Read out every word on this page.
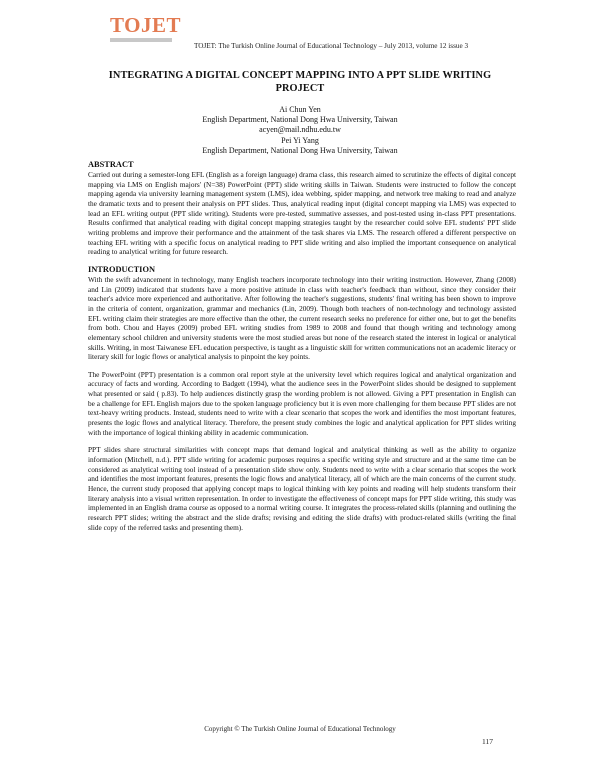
TOJET
TOJET: The Turkish Online Journal of Educational Technology – July 2013, volume 12 issue 3
INTEGRATING A DIGITAL CONCEPT MAPPING INTO A PPT SLIDE WRITING PROJECT
Ai Chun Yen
English Department, National Dong Hwa University, Taiwan
acyen@mail.ndhu.edu.tw
Pei Yi Yang
English Department, National Dong Hwa University, Taiwan
ABSTRACT

Carried out during a semester-long EFL (English as a foreign language) drama class, this research aimed to scrutinize the effects of digital concept mapping via LMS on English majors' (N=38) PowerPoint (PPT) slide writing skills in Taiwan. Students were instructed to follow the concept mapping agenda via university learning management system (LMS), idea webbing, spider mapping, and network tree making to read and analyze the dramatic texts and to present their analysis on PPT slides. Thus, analytical reading input (digital concept mapping via LMS) was expected to lead an EFL writing output (PPT slide writing). Students were pre-tested, summative assesses, and post-tested using in-class PPT presentations. Results confirmed that analytical reading with digital concept mapping strategies taught by the researcher could solve EFL students' PPT slide writing problems and improve their performance and the attainment of the task shares via LMS. The research offered a different perspective on teaching EFL writing with a specific focus on analytical reading to PPT slide writing and also implied the important consequence on analytical reading to analytical writing for future research.

INTRODUCTION

With the swift advancement in technology, many English teachers incorporate technology into their writing instruction. However, Zhang (2008) and Lin (2009) indicated that students have a more positive attitude in class with teacher's feedback than without, since they consider their teacher's advice more experienced and authoritative. After following the teacher's suggestions, students' final writing has been shown to improve in the criteria of content, organization, grammar and mechanics (Lin, 2009). Though both teachers of non-technology and technology assisted EFL writing claim their strategies are more effective than the other, the current research seeks no preference for either one, but to get the benefits from both. Chou and Hayes (2009) probed EFL writing studies from 1989 to 2008 and found that though writing and technology among elementary school children and university students were the most studied areas but none of the research stated the interest in logical or analytical skills. Writing, in most Taiwanese EFL education perspective, is taught as a linguistic skill for written communications not an academic literacy or literary skill for logic flows or analytical analysis to pinpoint the key points.

The PowerPoint (PPT) presentation is a common oral report style at the university level which requires logical and analytical organization and accuracy of facts and wording. According to Badgett (1994), what the audience sees in the PowerPoint slides should be designed to supplement what presented or said ( p.83). To help audiences distinctly grasp the wording problem is not allowed. Giving a PPT presentation in English can be a challenge for EFL English majors due to the spoken language proficiency but it is even more challenging for them because PPT slides are not text-heavy writing products. Instead, students need to write with a clear scenario that scopes the work and identifies the most important features, presents the logic flows and analytical literacy. Therefore, the present study combines the logic and analytical application for PPT slides writing with the importance of logical thinking ability in academic communication.

PPT slides share structural similarities with concept maps that demand logical and analytical thinking as well as the ability to organize information (Mitchell, n.d.). PPT slide writing for academic purposes requires a specific writing style and structure and at the same time can be considered as analytical writing tool instead of a presentation slide show only. Students need to write with a clear scenario that scopes the work and identifies the most important features, presents the logic flows and analytical literacy, all of which are the main concerns of the current study. Hence, the current study proposed that applying concept maps to logical thinking with key points and reading will help students transform their literary analysis into a visual written representation. In order to investigate the effectiveness of concept maps for PPT slide writing, this study was implemented in an English drama course as opposed to a normal writing course. It integrates the process-related skills (planning and outlining the research PPT slides; writing the abstract and the slide drafts; revising and editing the slide drafts) with product-related skills (writing the final slide copy of the referred tasks and presenting them).

Copyright © The Turkish Online Journal of Educational Technology
117
